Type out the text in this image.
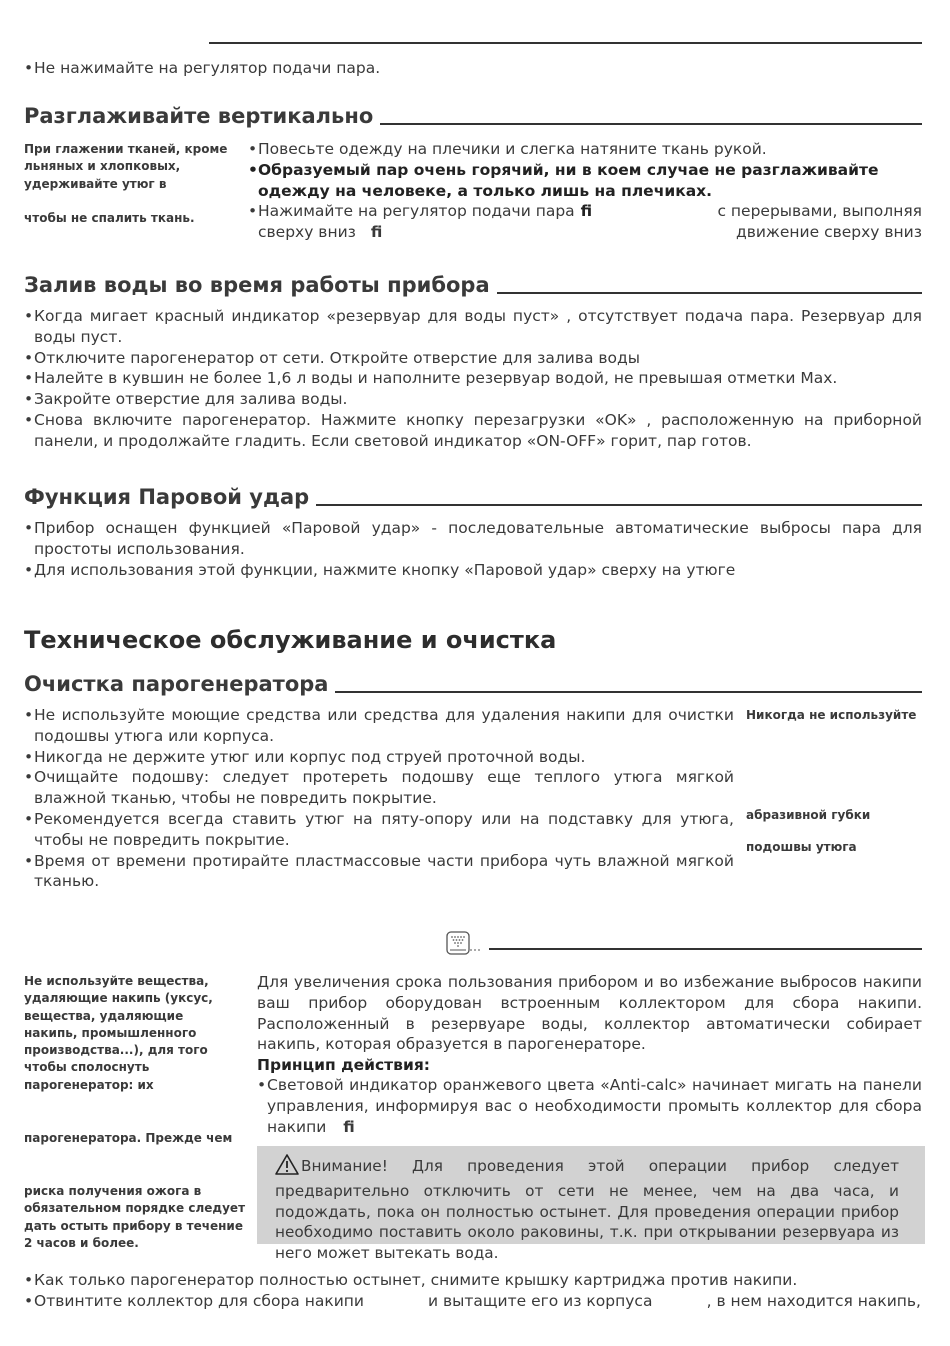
• Не нажимайте на регулятор подачи пара.
Разглаживайте вертикально
При глажении тканей, кроме льняных и хлопковых, удерживайте утюг в
чтобы не спалить ткань.
• Повесьте одежду на плечики и слегка натяните ткань рукой.
• Образуемый пар очень горячий, ни в коем случае не разглаживайте одежду на человеке, а только лишь на плечиках.
• Нажимайте на регулятор подачи пара fi	с перерывами, выполняя движение сверху вниз
сверху вниз fi
Залив воды во время работы прибора
• Когда мигает красный индикатор «резервуар для воды пуст» , отсутствует подача пара. Резервуар для воды пуст.
• Отключите парогенератор от сети. Откройте отверстие для залива воды
• Налейте в кувшин не более 1,6 л воды и наполните резервуар водой, не превышая отметки Max.
• Закройте отверстие для залива воды.
• Снова включите парогенератор. Нажмите кнопку перезагрузки «OK» , расположенную на приборной панели, и продолжайте гладить. Если световой индикатор «ON-OFF» горит, пар готов.
Функция Паровой удар
• Прибор оснащен функцией «Паровой удар» - последовательные автоматические выбросы пара для простоты использования.
• Для использования этой функции, нажмите кнопку «Паровой удар» сверху на утюге
Техническое обслуживание и очистка
Очистка парогенератора
• Не используйте моющие средства или средства для удаления накипи для очистки подошвы утюга или корпуса.
• Никогда не держите утюг или корпус под струей проточной воды.
• Очищайте подошву: следует протереть подошву еще теплого утюга мягкой влажной тканью, чтобы не повредить покрытие.
• Рекомендуется всегда ставить утюг на пяту-опору или на подставку для утюга, чтобы не повредить покрытие.
• Время от времени протирайте пластмассовые части прибора чуть влажной мягкой тканью.
Никогда не используйте
абразивной губки
подошвы утюга
Не используйте вещества, удаляющие накипь (уксус, вещества, удаляющие накипь, промышленного производства...), для того чтобы сполоснуть парогенератор: их
парогенератора. Прежде чем
риска получения ожога в обязательном порядке следует дать остыть прибору в течение 2 часов и более.
Для увеличения срока пользования прибором и во избежание выбросов накипи ваш прибор оборудован встроенным коллектором для сбора накипи. Расположенный в резервуаре воды, коллектор автоматически собирает накипь, которая образуется в парогенераторе.
Принцип действия:
• Световой индикатор оранжевого цвета «Anti-calc» начинает мигать на панели управления, информируя вас о необходимости промыть коллектор для сбора накипи fi
Внимание! Для проведения этой операции прибор следует предварительно отключить от сети не менее, чем на два часа, и подождать, пока он полностью остынет. Для проведения операции прибор необходимо поставить около раковины, т.к. при открывании резервуара из него может вытекать вода.
• Как только парогенератор полностью остынет, снимите крышку картриджа против накипи.
• Отвинтите коллектор для сбора накипи             и вытащите его из корпуса           , в нем находится накипь,
